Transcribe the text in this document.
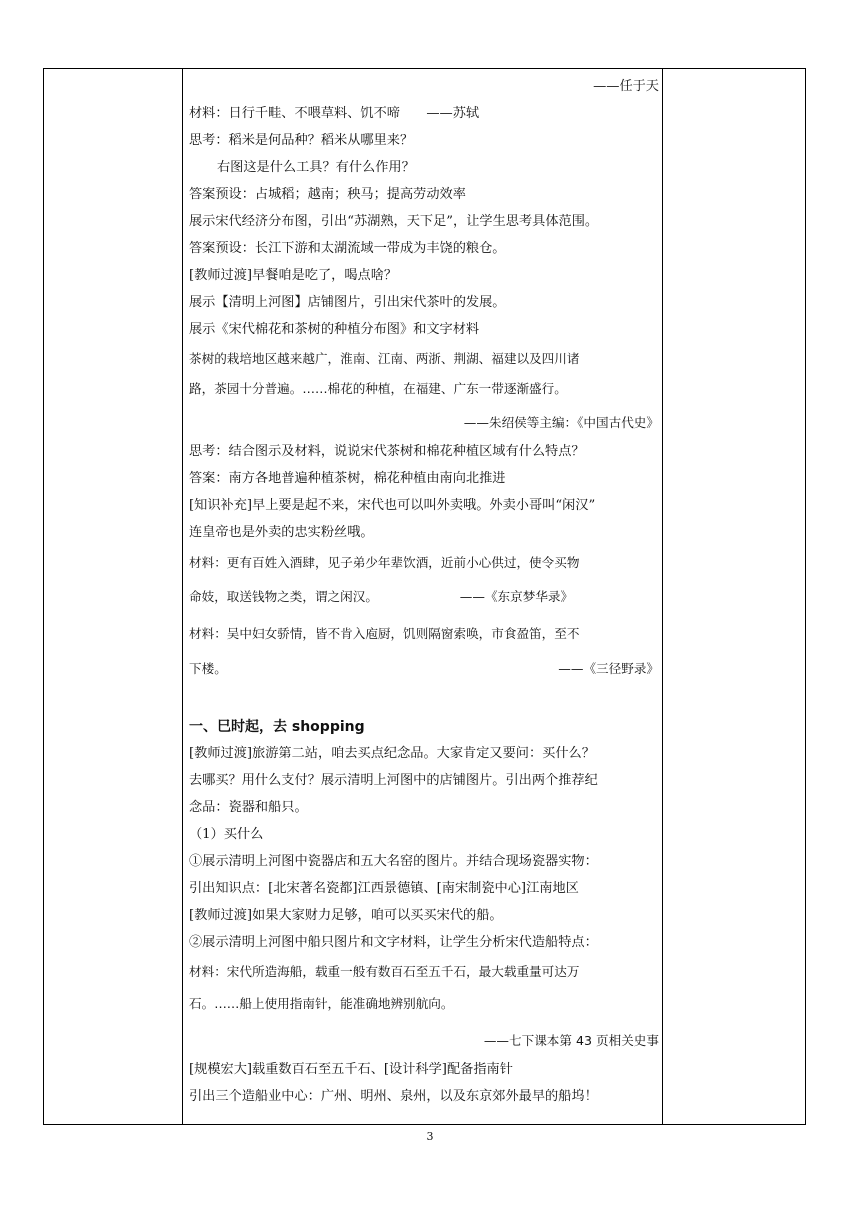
——任于天
材料：日行千畦、不喂草料、饥不啼　　——苏轼
思考：稻米是何品种？稻米从哪里来？
右图这是什么工具？有什么作用？
答案预设：占城稻；越南；秧马；提高劳动效率
展示宋代经济分布图，引出“苏湖熟，天下足”，让学生思考具体范围。
答案预设：长江下游和太湖流域一带成为丰饶的粮仓。
[教师过渡]早餐咱是吃了，喝点啥？
展示【清明上河图】店铺图片，引出宋代茶叶的发展。
展示《宋代棉花和茶树的种植分布图》和文字材料
茶树的栽培地区越来越广，淮南、江南、两浙、荆湖、福建以及四川诸
路，茶园十分普遍。……棉花的种植，在福建、广东一带逐渐盛行。
——朱绍侯等主编：《中国古代史》
思考：结合图示及材料，说说宋代茶树和棉花种植区域有什么特点？
答案：南方各地普遍种植茶树，棉花种植由南向北推进
[知识补充]早上要是起不来，宋代也可以叫外卖哦。外卖小哥叫“闲汉”
连皇帝也是外卖的忠实粉丝哦。
材料：更有百姓入酒肆，见子弟少年辈饮酒，近前小心供过，使令买物
命妓，取送钱物之类，谓之闲汉。　　　　　　　——《东京梦华录》
材料：吴中妇女骄情，皆不肯入庖厨，饥则隔窗索唤，市食盈笛，至不
下楼。	——《三径野录》
一、巳时起，去 shopping
[教师过渡]旅游第二站，咱去买点纪念品。大家肯定又要问：买什么？
去哪买？用什么支付？展示清明上河图中的店铺图片。引出两个推荐纪
念品：瓷器和船只。
（1）买什么
①展示清明上河图中瓷器店和五大名窑的图片。并结合现场瓷器实物：
引出知识点：[北宋著名瓷都]江西景德镇、[南宋制瓷中心]江南地区
[教师过渡]如果大家财力足够，咱可以买买宋代的船。
②展示清明上河图中船只图片和文字材料，让学生分析宋代造船特点：
材料：宋代所造海船，载重一般有数百石至五千石，最大载重量可达万
石。……船上使用指南针，能准确地辨别航向。
——七下课本第 43 页相关史事
[规模宏大]载重数百石至五千石、[设计科学]配备指南针
引出三个造船业中心：广州、明州、泉州，以及东京郊外最早的船坞！
3
